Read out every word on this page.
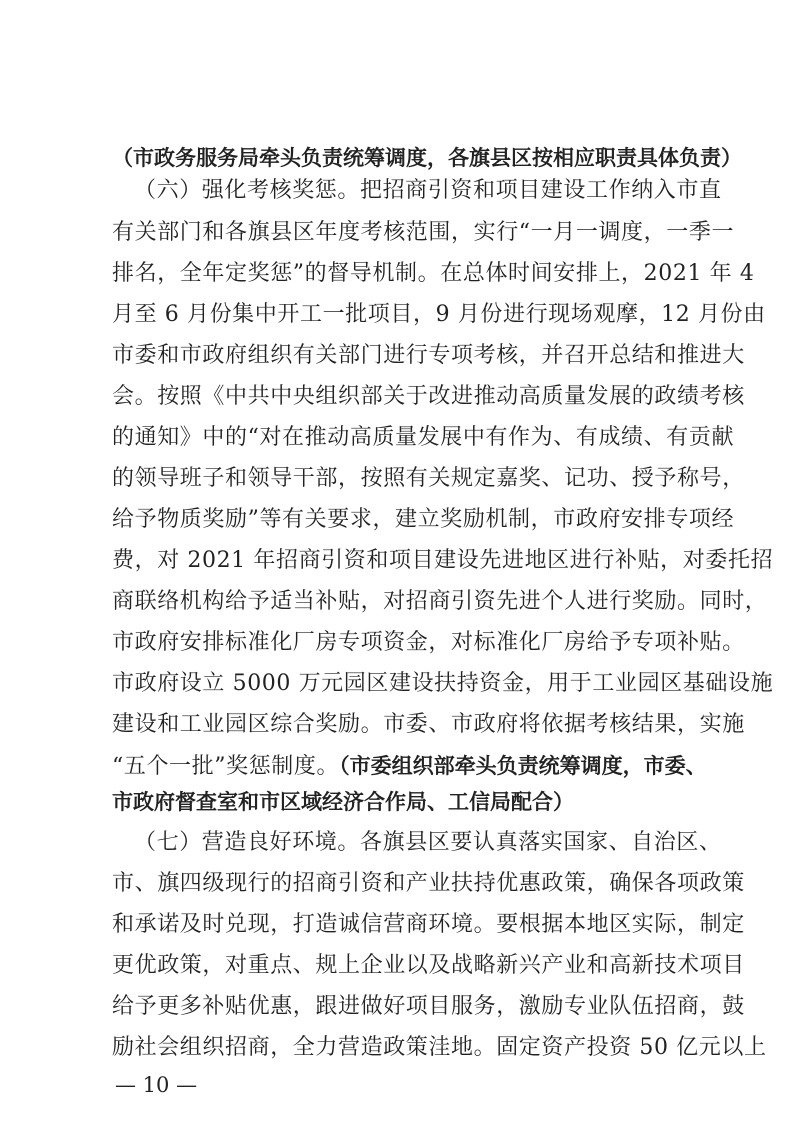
（市政务服务局牵头负责统筹调度，各旗县区按相应职责具体负责）
（六）强化考核奖惩。把招商引资和项目建设工作纳入市直
有关部门和各旗县区年度考核范围，实行“一月一调度，一季一
排名，全年定奖惩”的督导机制。在总体时间安排上，2021 年 4
月至 6 月份集中开工一批项目，9 月份进行现场观摩，12 月份由
市委和市政府组织有关部门进行专项考核，并召开总结和推进大
会。按照《中共中央组织部关于改进推动高质量发展的政绩考核
的通知》中的“对在推动高质量发展中有作为、有成绩、有贡献
的领导班子和领导干部，按照有关规定嘉奖、记功、授予称号，
给予物质奖励”等有关要求，建立奖励机制，市政府安排专项经
费，对 2021 年招商引资和项目建设先进地区进行补贴，对委托招
商联络机构给予适当补贴，对招商引资先进个人进行奖励。同时，
市政府安排标准化厂房专项资金，对标准化厂房给予专项补贴。
市政府设立 5000 万元园区建设扶持资金，用于工业园区基础设施
建设和工业园区综合奖励。市委、市政府将依据考核结果，实施
“五个一批”奖惩制度。（市委组织部牵头负责统筹调度，市委、
市政府督查室和市区域经济合作局、工信局配合）
（七）营造良好环境。各旗县区要认真落实国家、自治区、
市、旗四级现行的招商引资和产业扶持优惠政策，确保各项政策
和承诺及时兑现，打造诚信营商环境。要根据本地区实际，制定
更优政策，对重点、规上企业以及战略新兴产业和高新技术项目
给予更多补贴优惠，跟进做好项目服务，激励专业队伍招商，鼓
励社会组织招商，全力营造政策洼地。固定资产投资 50 亿元以上
— 10 —
